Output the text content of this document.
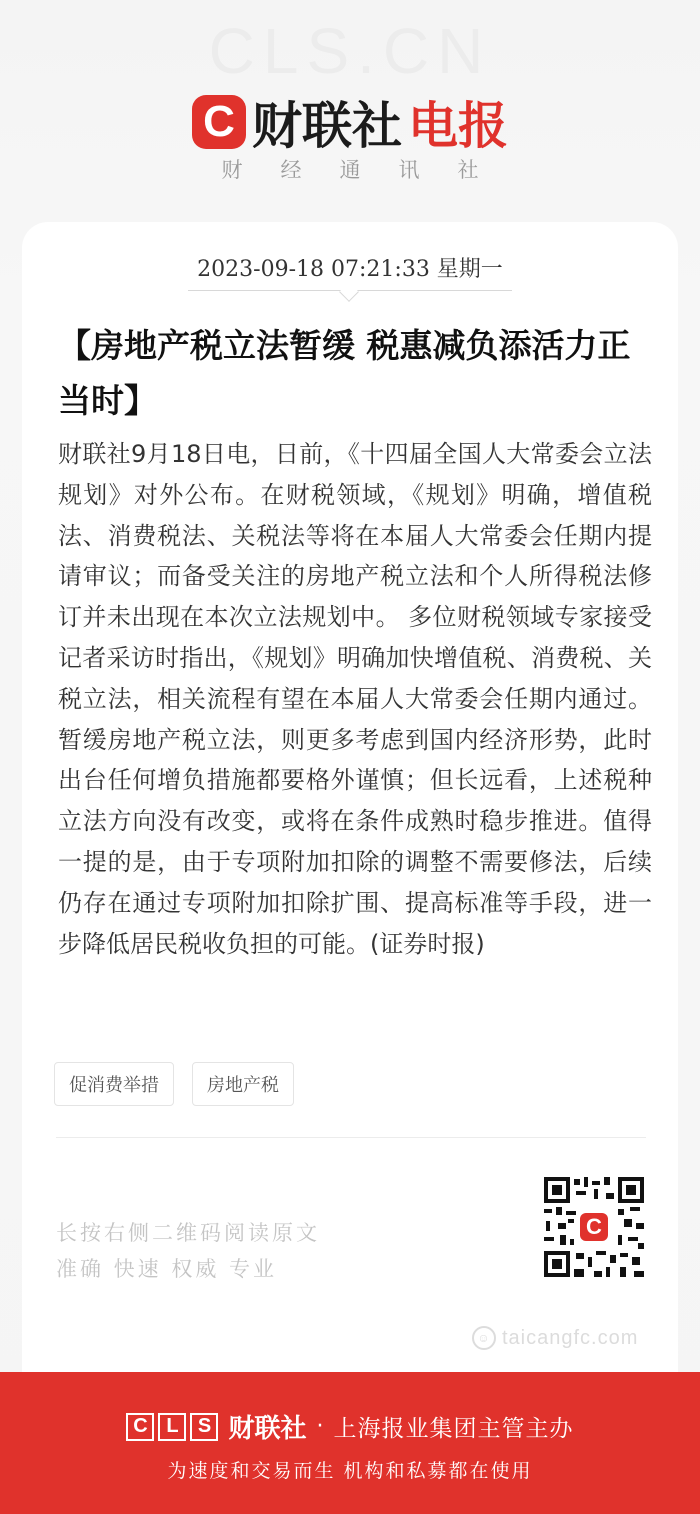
CLS.CN
C 财联社 电报
财经通讯社
2023-09-18 07:21:33 星期一
【房地产税立法暂缓 税惠减负添活力正当时】
财联社9月18日电，日前，《十四届全国人大常委会立法规划》对外公布。在财税领域，《规划》明确，增值税法、消费税法、关税法等将在本届人大常委会任期内提请审议；而备受关注的房地产税立法和个人所得税法修订并未出现在本次立法规划中。 多位财税领域专家接受记者采访时指出，《规划》明确加快增值税、消费税、关税立法，相关流程有望在本届人大常委会任期内通过。暂缓房地产税立法，则更多考虑到国内经济形势，此时出台任何增负措施都要格外谨慎；但长远看，上述税种立法方向没有改变，或将在条件成熟时稳步推进。值得一提的是，由于专项附加扣除的调整不需要修法，后续仍存在通过专项附加扣除扩围、提高标准等手段，进一步降低居民税收负担的可能。(证券时报)
促消费举措	房地产税
长按右侧二维码阅读原文
准确 快速 权威 专业
C
☺ taicangfc.com
C L S 财联社 · 上海报业集团主管主办
为速度和交易而生 机构和私募都在使用
